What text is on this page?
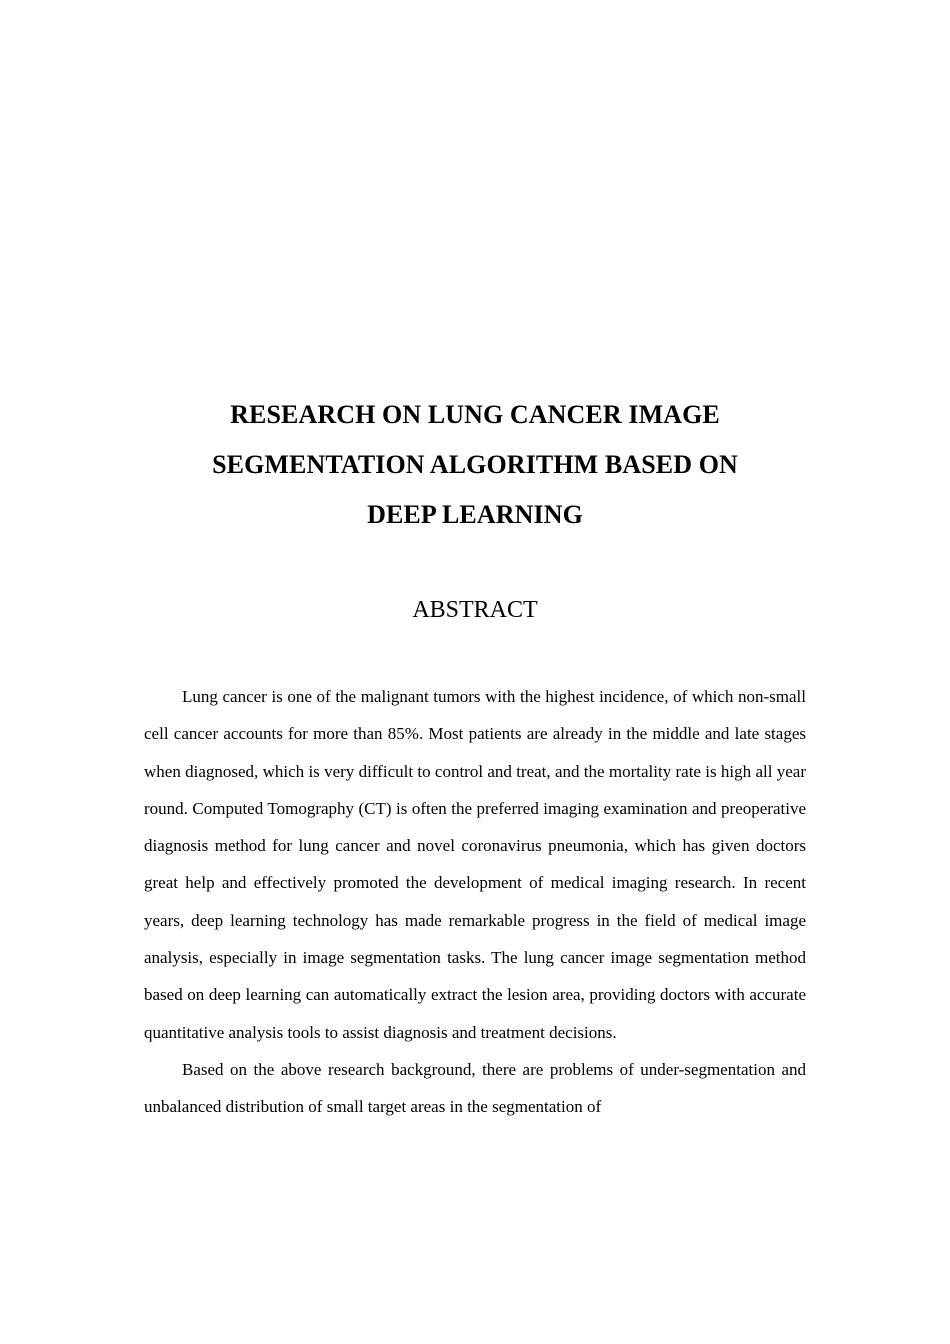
RESEARCH ON LUNG CANCER IMAGE
SEGMENTATION ALGORITHM BASED ON
DEEP LEARNING
ABSTRACT

Lung cancer is one of the malignant tumors with the highest incidence, of which non-small cell cancer accounts for more than 85%. Most patients are already in the middle and late stages when diagnosed, which is very difficult to control and treat, and the mortality rate is high all year round. Computed Tomography (CT) is often the preferred imaging examination and preoperative diagnosis method for lung cancer and novel coronavirus pneumonia, which has given doctors great help and effectively promoted the development of medical imaging research. In recent years, deep learning technology has made remarkable progress in the field of medical image analysis, especially in image segmentation tasks. The lung cancer image segmentation method based on deep learning can automatically extract the lesion area, providing doctors with accurate quantitative analysis tools to assist diagnosis and treatment decisions.

Based on the above research background, there are problems of under-segmentation and unbalanced distribution of small target areas in the segmentation of
